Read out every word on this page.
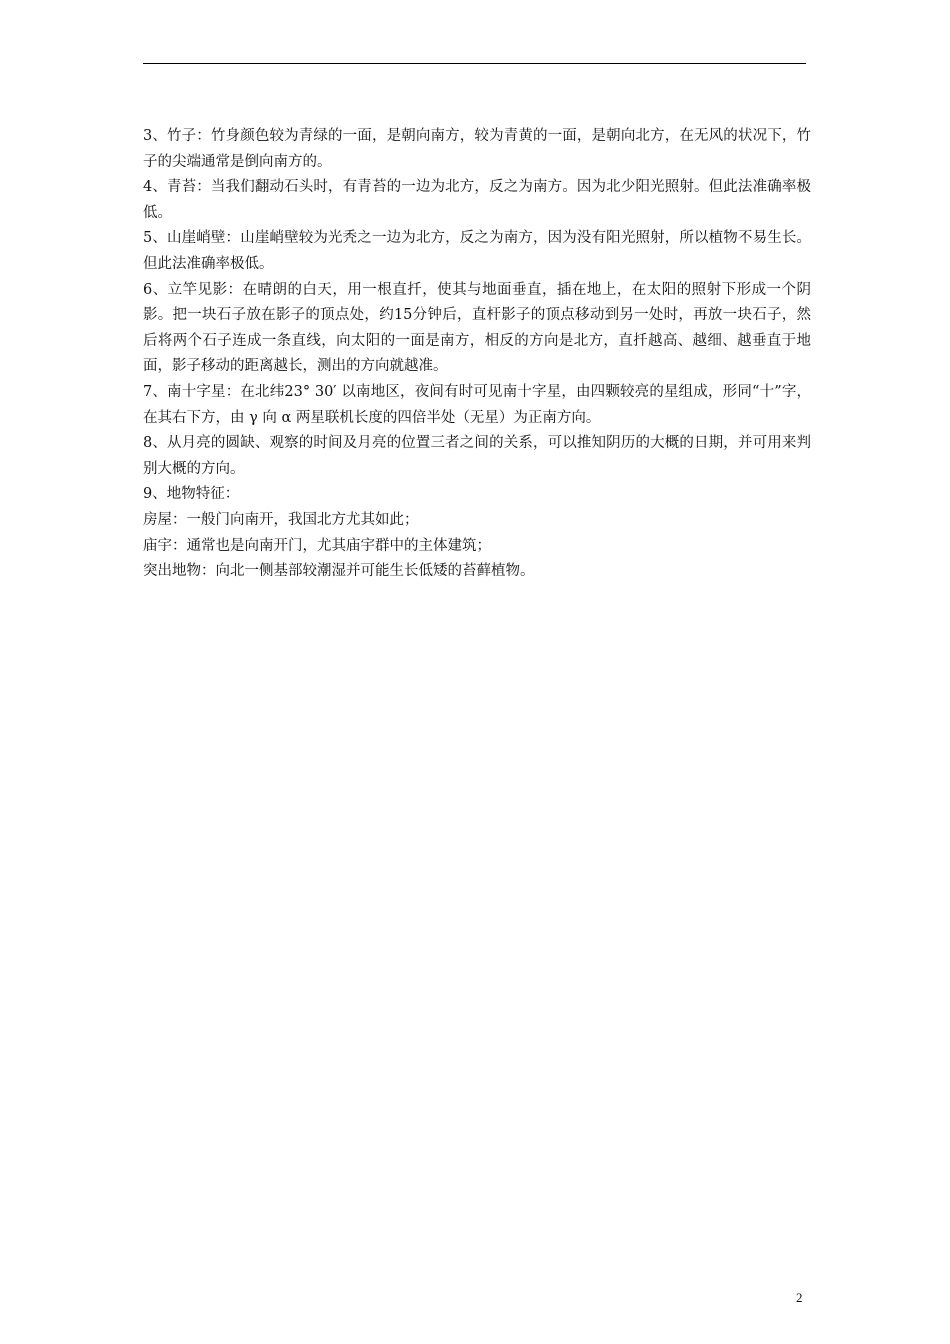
3、竹子：竹身颜色较为青绿的一面，是朝向南方，较为青黄的一面，是朝向北方，在无风的状况下，竹子的尖端通常是倒向南方的。

4、青苔：当我们翻动石头时，有青苔的一边为北方，反之为南方。因为北少阳光照射。但此法准确率极低。

5、山崖峭壁：山崖峭壁较为光秃之一边为北方，反之为南方，因为没有阳光照射，所以植物不易生长。但此法准确率极低。

6、立竿见影：在晴朗的白天，用一根直扦，使其与地面垂直，插在地上，在太阳的照射下形成一个阴影。把一块石子放在影子的顶点处，约15分钟后，直杆影子的顶点移动到另一处时，再放一块石子，然后将两个石子连成一条直线，向太阳的一面是南方，相反的方向是北方，直扦越高、越细、越垂直于地面，影子移动的距离越长，测出的方向就越准。

7、南十字星：在北纬23° 30′ 以南地区，夜间有时可见南十字星，由四颗较亮的星组成，形同“十”字，在其右下方，由 γ 向 α 两星联机长度的四倍半处（无星）为正南方向。

8、从月亮的圆缺、观察的时间及月亮的位置三者之间的关系，可以推知阴历的大概的日期，并可用来判别大概的方向。

9、地物特征：

房屋：一般门向南开，我国北方尤其如此；

庙宇：通常也是向南开门，尤其庙宇群中的主体建筑；

突出地物：向北一侧基部较潮湿并可能生长低矮的苔藓植物。

2
